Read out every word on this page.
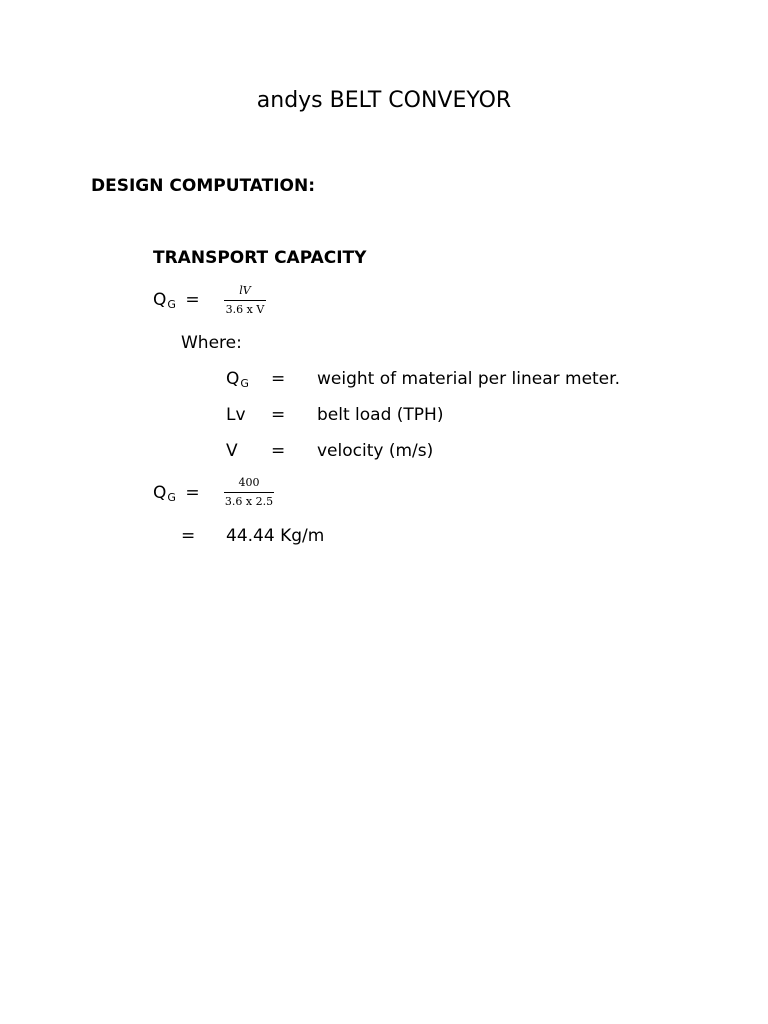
andys BELT CONVEYOR
DESIGN COMPUTATION:
TRANSPORT CAPACITY
QG =	lV
3.6 x V
Where:
QG = weight of material per linear meter.
Lv = belt load (TPH)
V = velocity (m/s)
QG =
400
3.6 x 2.5
= 44.44 Kg/m
